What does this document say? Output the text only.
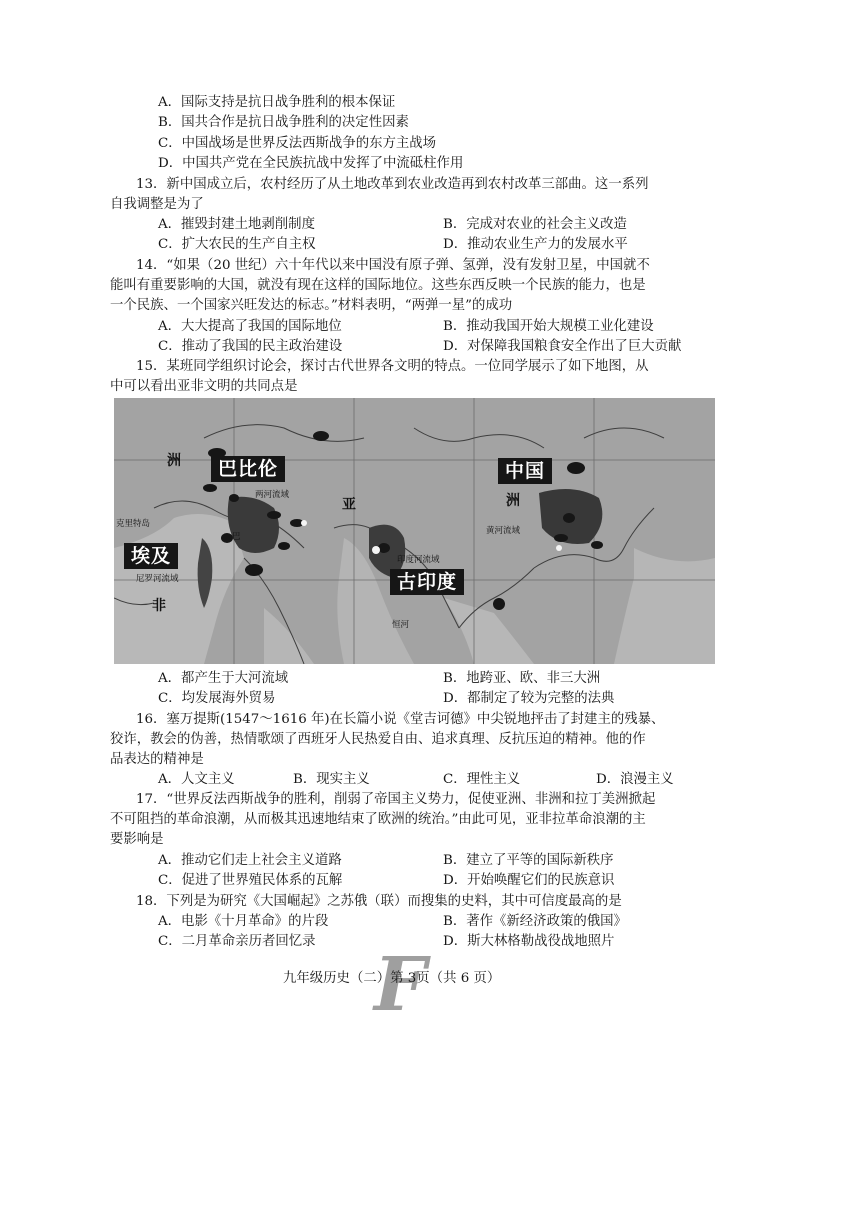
A．国际支持是抗日战争胜利的根本保证
B．国共合作是抗日战争胜利的决定性因素
C．中国战场是世界反法西斯战争的东方主战场
D．中国共产党在全民族抗战中发挥了中流砥柱作用
13．新中国成立后，农村经历了从土地改革到农业改造再到农村改革三部曲。这一系列
自我调整是为了
A．摧毁封建土地剥削制度	B．完成对农业的社会主义改造
C．扩大农民的生产自主权	D．推动农业生产力的发展水平
14．“如果（20 世纪）六十年代以来中国没有原子弹、氢弹，没有发射卫星，中国就不
能叫有重要影响的大国，就没有现在这样的国际地位。这些东西反映一个民族的能力，也是
一个民族、一个国家兴旺发达的标志。”材料表明，“两弹一星”的成功
A．大大提高了我国的国际地位	B．推动我国开始大规模工业化建设
C．推动了我国的民主政治建设	D．对保障我国粮食安全作出了巨大贡献
15．某班同学组织讨论会，探讨古代世界各文明的特点。一位同学展示了如下地图，从
中可以看出亚非文明的共同点是
洲
亚	洲
非
巴比伦	中国
埃及
古印度
两河流域
黄河流域
印度河流域
尼罗河流域
克里特岛
巴
恒河
A．都产生于大河流域	B．地跨亚、欧、非三大洲
C．均发展海外贸易	D．都制定了较为完整的法典
16．塞万提斯(1547～1616 年)在长篇小说《堂吉诃德》中尖锐地抨击了封建主的残暴、
狡诈，教会的伪善，热情歌颂了西班牙人民热爱自由、追求真理、反抗压迫的精神。他的作
品表达的精神是
A．人文主义	B．现实主义	C．理性主义	D．浪漫主义
17．“世界反法西斯战争的胜利，削弱了帝国主义势力，促使亚洲、非洲和拉丁美洲掀起
不可阻挡的革命浪潮，从而极其迅速地结束了欧洲的统治。”由此可见，亚非拉革命浪潮的主
要影响是
A．推动它们走上社会主义道路	B．建立了平等的国际新秩序
C．促进了世界殖民体系的瓦解	D．开始唤醒它们的民族意识
18．下列是为研究《大国崛起》之苏俄（联）而搜集的史料，其中可信度最高的是
A．电影《十月革命》的片段	B．著作《新经济政策的俄国》
C．二月革命亲历者回忆录	D．斯大林格勒战役战地照片
F
九年级历史（二）第 3页（共 6 页）
